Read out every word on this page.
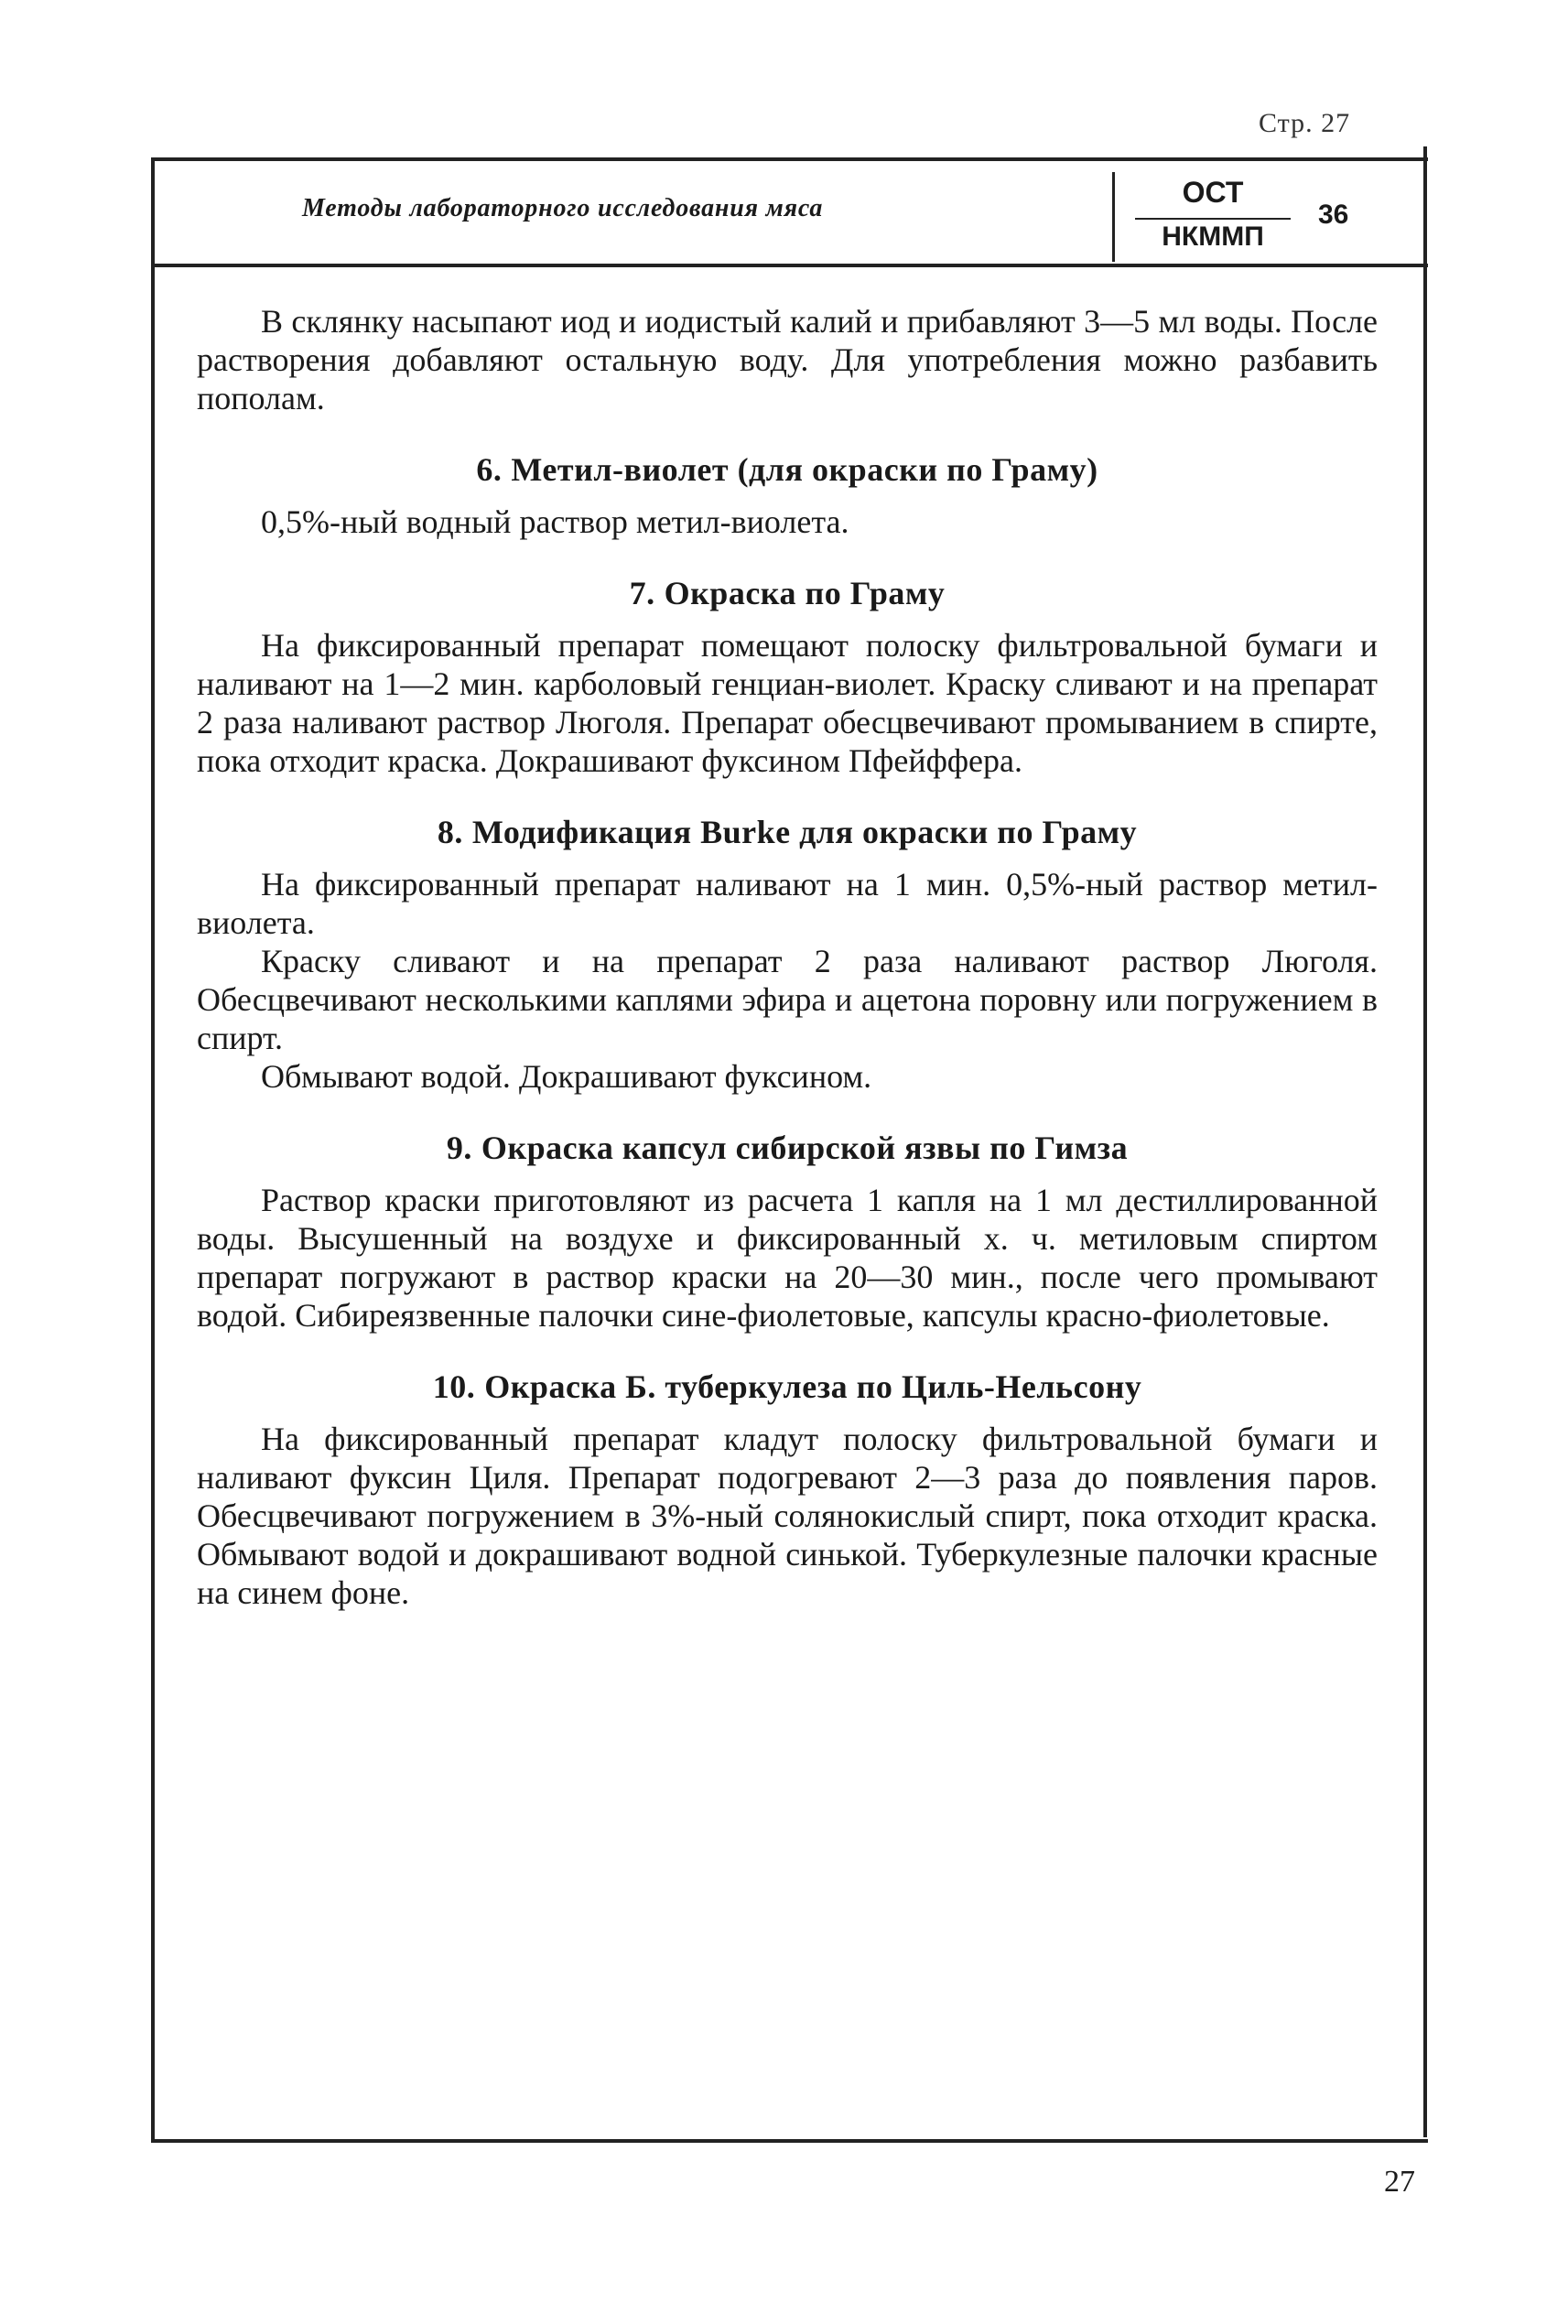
Стр. 27
Методы лабораторного исследования мяса	ОСТ
НКММП
36

В склянку насыпают иод и иодистый калий и прибавляют 3—5 мл воды. После растворения добавляют остальную воду. Для употребления можно разбавить пополам.

6. Метил-виолет (для окраски по Граму)

0,5%-ный водный раствор метил-виолета.

7. Окраска по Граму

На фиксированный препарат помещают полоску фильтровальной бумаги и наливают на 1—2 мин. карболовый генциан-виолет. Краску сливают и на препарат 2 раза наливают раствор Люголя. Препарат обесцвечивают промыванием в спирте, пока отходит краска. Докрашивают фуксином Пфейффера.

8. Модификация Burke для окраски по Граму

На фиксированный препарат наливают на 1 мин. 0,5%-ный раствор метил-виолета.

Краску сливают и на препарат 2 раза наливают раствор Люголя. Обесцвечивают несколькими каплями эфира и ацетона поровну или погружением в спирт.

Обмывают водой. Докрашивают фуксином.

9. Окраска капсул сибирской язвы по Гимза

Раствор краски приготовляют из расчета 1 капля на 1 мл дестиллированной воды. Высушенный на воздухе и фиксированный х. ч. метиловым спиртом препарат погружают в раствор краски на 20—30 мин., после чего промывают водой. Сибиреязвенные палочки сине-фиолетовые, капсулы красно-фиолетовые.

10. Окраска Б. туберкулеза по Циль-Нельсону

На фиксированный препарат кладут полоску фильтровальной бумаги и наливают фуксин Циля. Препарат подогревают 2—3 раза до появления паров. Обесцвечивают погружением в 3%-ный солянокислый спирт, пока отходит краска. Обмывают водой и докрашивают водной синькой. Туберкулезные палочки красные на синем фоне.

27
